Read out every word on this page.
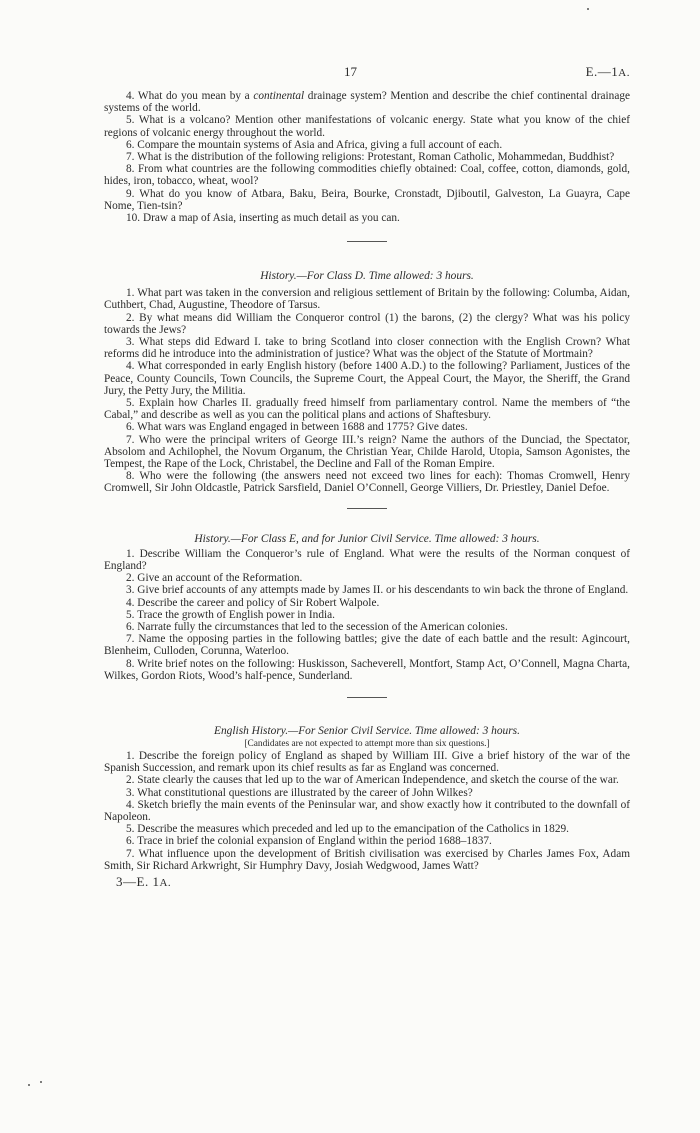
17	E.—1A.

4. What do you mean by a continental drainage system? Mention and describe the chief continental drainage systems of the world.

5. What is a volcano? Mention other manifestations of volcanic energy. State what you know of the chief regions of volcanic energy throughout the world.

6. Compare the mountain systems of Asia and Africa, giving a full account of each.

7. What is the distribution of the following religions: Protestant, Roman Catholic, Mohammedan, Buddhist?

8. From what countries are the following commodities chiefly obtained: Coal, coffee, cotton, diamonds, gold, hides, iron, tobacco, wheat, wool?

9. What do you know of Atbara, Baku, Beira, Bourke, Cronstadt, Djiboutil, Galveston, La Guayra, Cape Nome, Tien-tsin?

10. Draw a map of Asia, inserting as much detail as you can.

History.—For Class D. Time allowed: 3 hours.

1. What part was taken in the conversion and religious settlement of Britain by the following: Columba, Aidan, Cuthbert, Chad, Augustine, Theodore of Tarsus.

2. By what means did William the Conqueror control (1) the barons, (2) the clergy? What was his policy towards the Jews?

3. What steps did Edward I. take to bring Scotland into closer connection with the English Crown? What reforms did he introduce into the administration of justice? What was the object of the Statute of Mortmain?

4. What corresponded in early English history (before 1400 A.D.) to the following? Parliament, Justices of the Peace, County Councils, Town Councils, the Supreme Court, the Appeal Court, the Mayor, the Sheriff, the Grand Jury, the Petty Jury, the Militia.

5. Explain how Charles II. gradually freed himself from parliamentary control. Name the members of “the Cabal,” and describe as well as you can the political plans and actions of Shaftesbury.

6. What wars was England engaged in between 1688 and 1775? Give dates.

7. Who were the principal writers of George III.’s reign? Name the authors of the Dunciad, the Spectator, Absolom and Achilophel, the Novum Organum, the Christian Year, Childe Harold, Utopia, Samson Agonistes, the Tempest, the Rape of the Lock, Christabel, the Decline and Fall of the Roman Empire.

8. Who were the following (the answers need not exceed two lines for each): Thomas Cromwell, Henry Cromwell, Sir John Oldcastle, Patrick Sarsfield, Daniel O’Connell, George Villiers, Dr. Priestley, Daniel Defoe.

History.—For Class E, and for Junior Civil Service. Time allowed: 3 hours.

1. Describe William the Conqueror’s rule of England. What were the results of the Norman conquest of England?

2. Give an account of the Reformation.

3. Give brief accounts of any attempts made by James II. or his descendants to win back the throne of England.

4. Describe the career and policy of Sir Robert Walpole.

5. Trace the growth of English power in India.

6. Narrate fully the circumstances that led to the secession of the American colonies.

7. Name the opposing parties in the following battles; give the date of each battle and the result: Agincourt, Blenheim, Culloden, Corunna, Waterloo.

8. Write brief notes on the following: Huskisson, Sacheverell, Montfort, Stamp Act, O’Connell, Magna Charta, Wilkes, Gordon Riots, Wood’s half-pence, Sunderland.

English History.—For Senior Civil Service. Time allowed: 3 hours.
[Candidates are not expected to attempt more than six questions.]

1. Describe the foreign policy of England as shaped by William III. Give a brief history of the war of the Spanish Succession, and remark upon its chief results as far as England was concerned.

2. State clearly the causes that led up to the war of American Independence, and sketch the course of the war.

3. What constitutional questions are illustrated by the career of John Wilkes?

4. Sketch briefly the main events of the Peninsular war, and show exactly how it contributed to the downfall of Napoleon.

5. Describe the measures which preceded and led up to the emancipation of the Catholics in 1829.

6. Trace in brief the colonial expansion of England within the period 1688–1837.

7. What influence upon the development of British civilisation was exercised by Charles James Fox, Adam Smith, Sir Richard Arkwright, Sir Humphry Davy, Josiah Wedgwood, James Watt?

3—E. 1A.
